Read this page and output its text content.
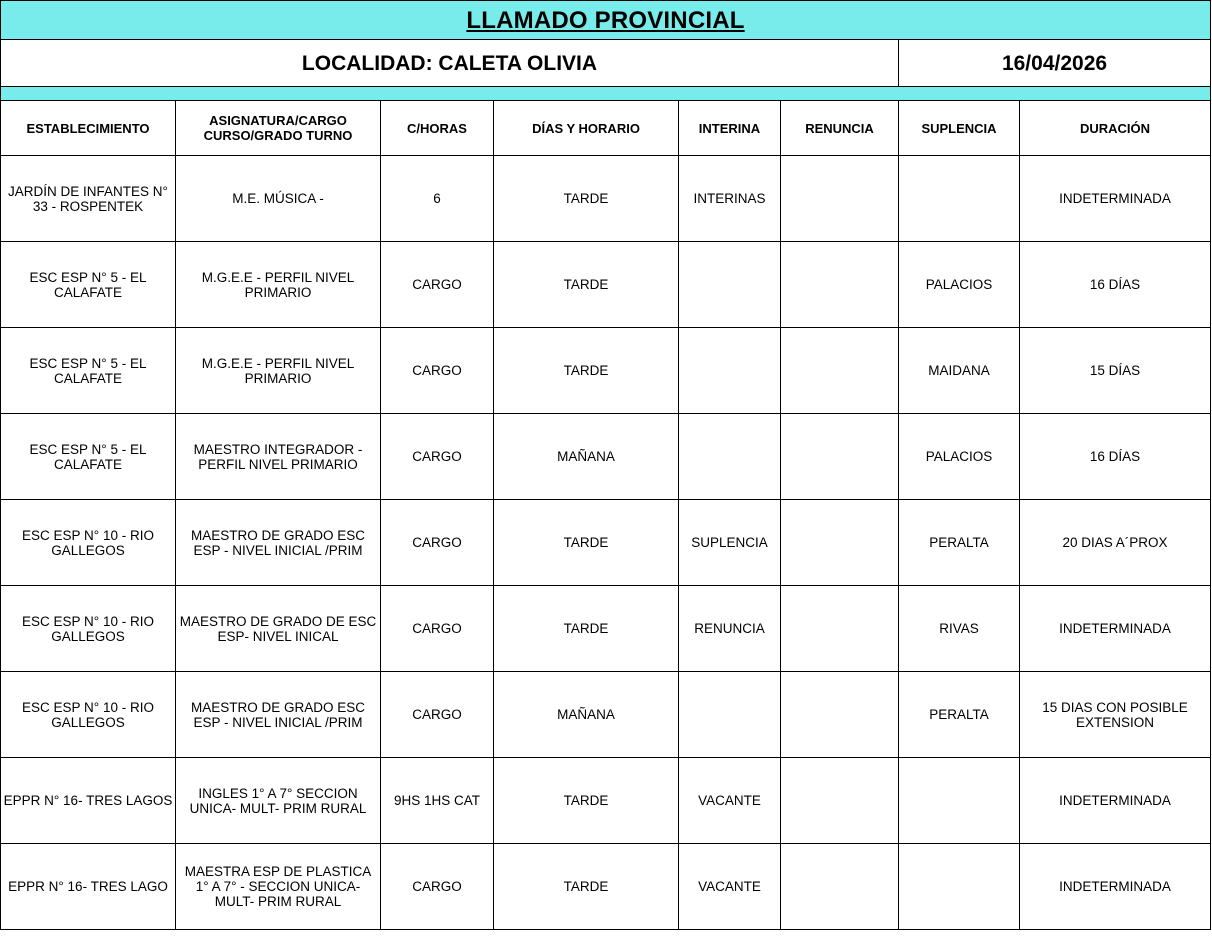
LLAMADO PROVINCIAL							
LOCALIDAD: CALETA OLIVIA						16/04/2026	

ESTABLECIMIENTO	ASIGNATURA/CARGO CURSO/GRADO TURNO	C/HORAS	DÍAS Y HORARIO	INTERINA	RENUNCIA	SUPLENCIA	DURACIÓN
JARDÍN DE INFANTES N° 33 - ROSPENTEK	M.E. MÚSICA -	6	TARDE	INTERINAS			INDETERMINADA
ESC ESP N° 5 - EL CALAFATE	M.G.E.E - PERFIL NIVEL PRIMARIO	CARGO	TARDE			PALACIOS	16 DÍAS
ESC ESP N° 5 - EL CALAFATE	M.G.E.E - PERFIL NIVEL PRIMARIO	CARGO	TARDE			MAIDANA	15 DÍAS
ESC ESP N° 5 - EL CALAFATE	MAESTRO INTEGRADOR - PERFIL NIVEL PRIMARIO	CARGO	MAÑANA			PALACIOS	16 DÍAS
ESC ESP N° 10 - RIO GALLEGOS	MAESTRO DE GRADO ESC ESP - NIVEL INICIAL /PRIM	CARGO	TARDE	SUPLENCIA		PERALTA	20 DIAS A´PROX
ESC ESP N° 10 - RIO GALLEGOS	MAESTRO DE GRADO DE ESC ESP- NIVEL INICAL	CARGO	TARDE	RENUNCIA		RIVAS	INDETERMINADA
ESC ESP N° 10 - RIO GALLEGOS	MAESTRO DE GRADO ESC ESP - NIVEL INICIAL /PRIM	CARGO	MAÑANA			PERALTA	15 DIAS CON POSIBLE EXTENSION
EPPR N° 16- TRES LAGOS	INGLES 1° A 7° SECCION UNICA- MULT- PRIM RURAL	9HS 1HS CAT	TARDE	VACANTE			INDETERMINADA
EPPR N° 16- TRES LAGO	MAESTRA ESP DE PLASTICA 1° A 7° - SECCION UNICA- MULT- PRIM RURAL	CARGO	TARDE	VACANTE			INDETERMINADA
